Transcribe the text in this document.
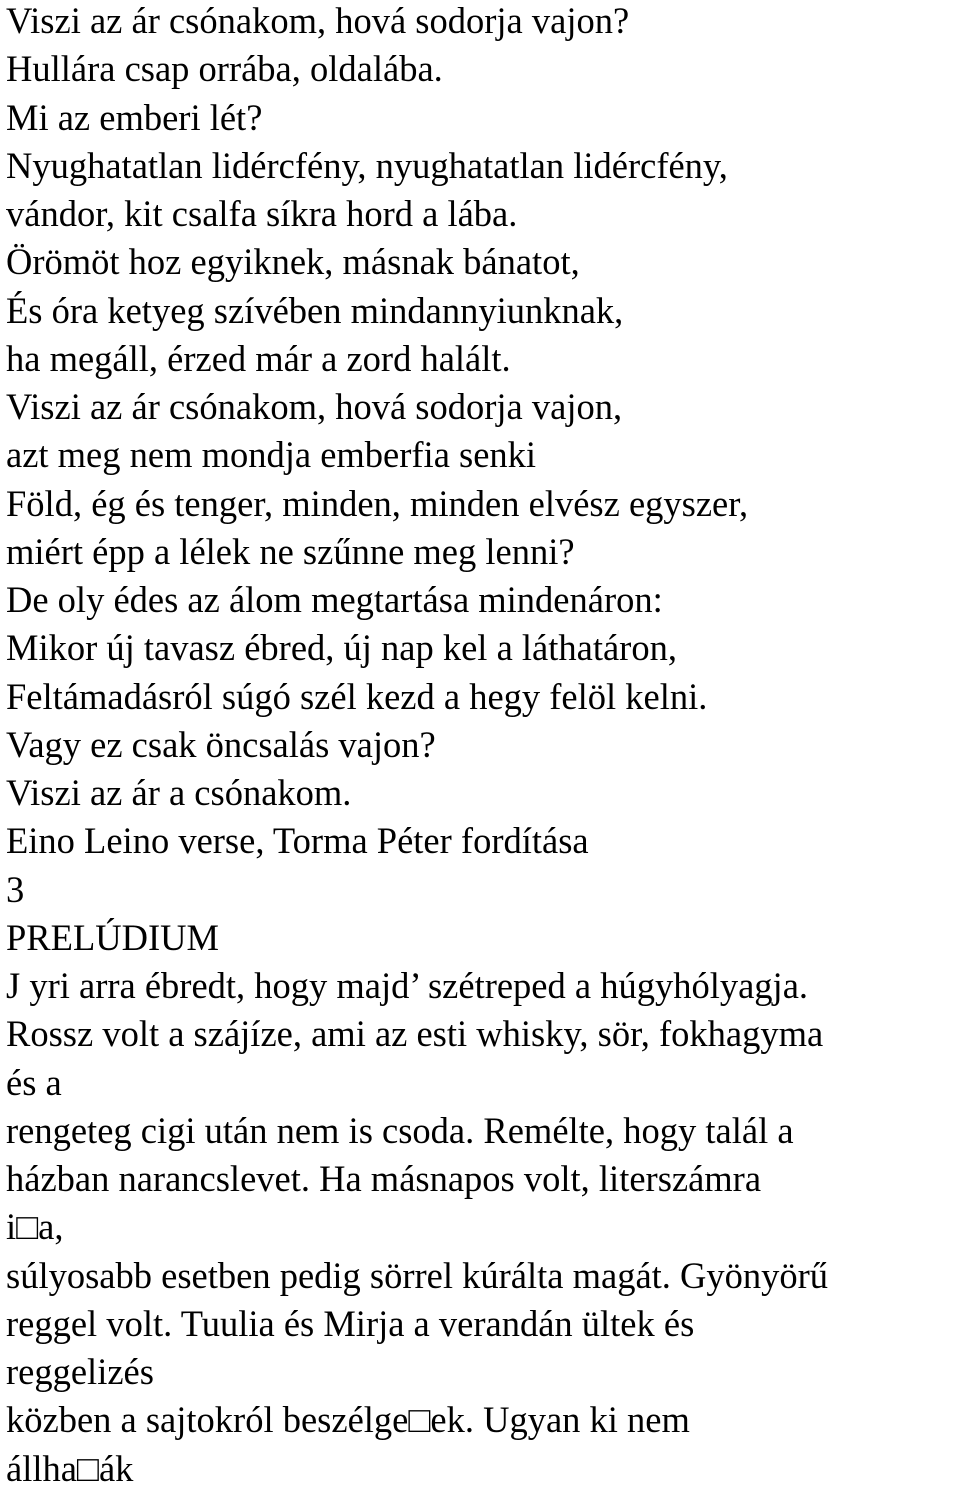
Viszi az ár csónakom, hová sodorja vajon?
Hullára csap orrába, oldalába.
Mi az emberi lét?
Nyughatatlan lidércfény, nyughatatlan lidércfény,
vándor, kit csalfa síkra hord a lába.
Örömöt hoz egyiknek, másnak bánatot,
És óra ketyeg szívében mindannyiunknak,
ha megáll, érzed már a zord halált.
Viszi az ár csónakom, hová sodorja vajon,
azt meg nem mondja emberfia senki
Föld, ég és tenger, minden, minden elvész egyszer,
miért épp a lélek ne szűnne meg lenni?
De oly édes az álom megtartása mindenáron:
Mikor új tavasz ébred, új nap kel a láthatáron,
Feltámadásról súgó szél kezd a hegy felöl kelni.
Vagy ez csak öncsalás vajon?
Viszi az ár a csónakom.
Eino Leino verse, Torma Péter fordítása
3
PRELÚDIUM
J yri arra ébredt, hogy majd’ szétreped a húgyhólyagja.
Rossz volt a szájíze, ami az esti whisky, sör, fokhagyma
és a
rengeteg cigi után nem is csoda. Remélte, hogy talál a
házban narancslevet. Ha másnapos volt, literszámra
i□a,
súlyosabb esetben pedig sörrel kúrálta magát. Gyönyörű
reggel volt. Tuulia és Mirja a verandán ültek és
reggelizés
közben a sajtokról beszélge□ek. Ugyan ki nem
állha□ák
